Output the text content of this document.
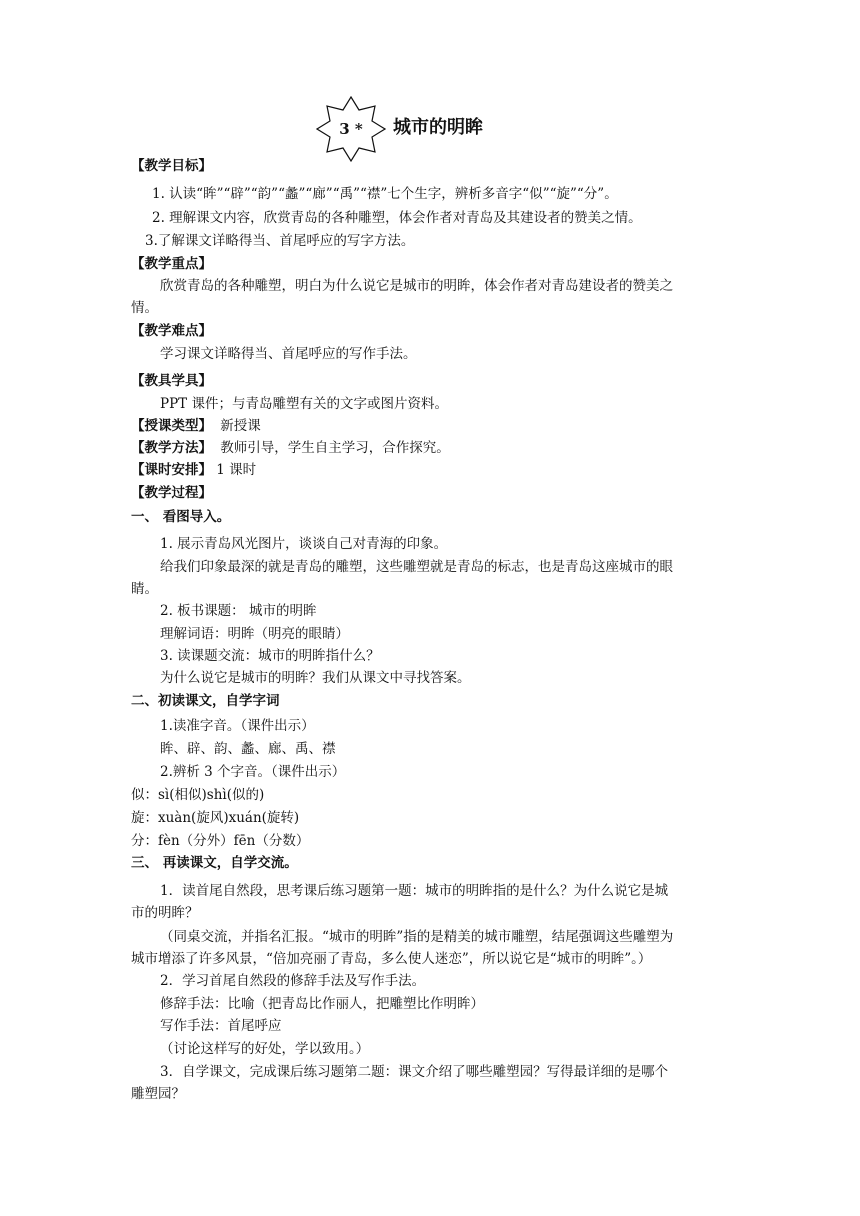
3 *	城市的明眸
【教学目标】
1. 认读“眸”“辟”“韵”“蠡”“廊”“禹”“襟”七个生字，辨析多音字“似”“旋”“分”。
2. 理解课文内容，欣赏青岛的各种雕塑，体会作者对青岛及其建设者的赞美之情。
3.了解课文详略得当、首尾呼应的写字方法。
【教学重点】
欣赏青岛的各种雕塑，明白为什么说它是城市的明眸，体会作者对青岛建设者的赞美之
情。
【教学难点】
学习课文详略得当、首尾呼应的写作手法。
【教具学具】
PPT 课件；与青岛雕塑有关的文字或图片资料。
【授课类型】 新授课
【教学方法】 教师引导，学生自主学习，合作探究。
【课时安排】 1 课时
【教学过程】
一、 看图导入。
1. 展示青岛风光图片，谈谈自己对青海的印象。
给我们印象最深的就是青岛的雕塑，这些雕塑就是青岛的标志，也是青岛这座城市的眼
睛。
2. 板书课题： 城市的明眸
理解词语：明眸（明亮的眼睛）
3. 读课题交流：城市的明眸指什么？
为什么说它是城市的明眸？我们从课文中寻找答案。
二、初读课文，自学字词
1.读准字音。（课件出示）
眸、辟、韵、蠡、廊、禹、襟
2.辨析 3 个字音。（课件出示）
似：sì(相似)shì(似的)
旋：xuàn(旋风)xuán(旋转)
分：fèn（分外）fēn（分数）
三、 再读课文，自学交流。
1．读首尾自然段，思考课后练习题第一题：城市的明眸指的是什么？为什么说它是城
市的明眸？
（同桌交流，并指名汇报。“城市的明眸”指的是精美的城市雕塑，结尾强调这些雕塑为
城市增添了许多风景，“倍加亮丽了青岛，多么使人迷恋”，所以说它是“城市的明眸”。）
2．学习首尾自然段的修辞手法及写作手法。
修辞手法：比喻（把青岛比作丽人，把雕塑比作明眸）
写作手法：首尾呼应
（讨论这样写的好处，学以致用。）
3．自学课文，完成课后练习题第二题：课文介绍了哪些雕塑园？写得最详细的是哪个
雕塑园？
